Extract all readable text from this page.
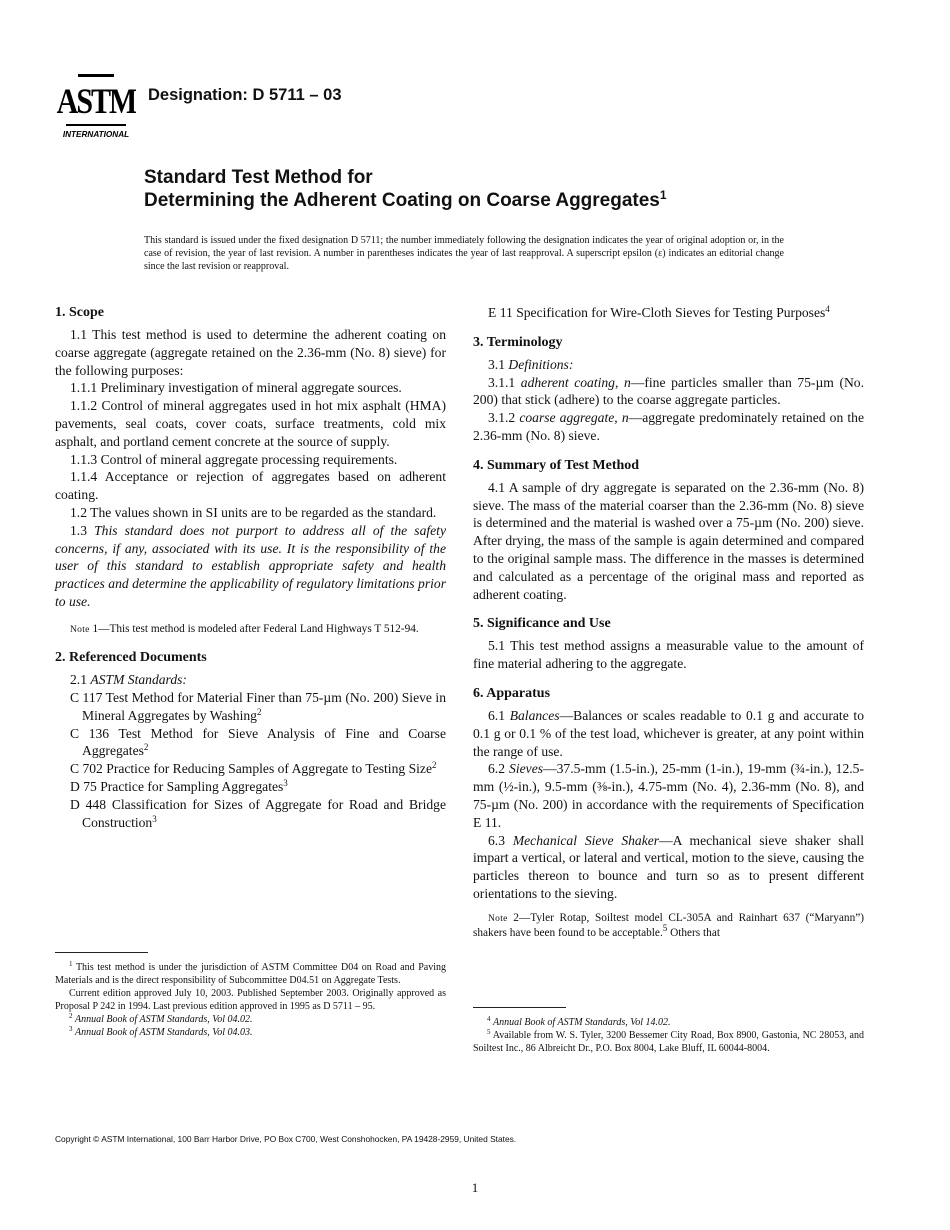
ASTM
INTERNATIONAL

Designation: D 5711 – 03

Standard Test Method for
Determining the Adherent Coating on Coarse Aggregates$^1$

This standard is issued under the fixed designation D 5711; the number immediately following the designation indicates the year of original adoption or, in the case of revision, the year of last revision. A number in parentheses indicates the year of last reapproval. A superscript epsilon (ε) indicates an editorial change since the last revision or reapproval.

1. Scope

1.1 This test method is used to determine the adherent coating on coarse aggregate (aggregate retained on the 2.36-mm (No. 8) sieve) for the following purposes:

1.1.1 Preliminary investigation of mineral aggregate sources.

1.1.2 Control of mineral aggregates used in hot mix asphalt (HMA) pavements, seal coats, cover coats, surface treatments, cold mix asphalt, and portland cement concrete at the source of supply.

1.1.3 Control of mineral aggregate processing requirements.

1.1.4 Acceptance or rejection of aggregates based on adherent coating.

1.2 The values shown in SI units are to be regarded as the standard.

1.3 This standard does not purport to address all of the safety concerns, if any, associated with its use. It is the responsibility of the user of this standard to establish appropriate safety and health practices and determine the applicability of regulatory limitations prior to use.

Note 1—This test method is modeled after Federal Land Highways T 512-94.

2. Referenced Documents

2.1 ASTM Standards:

C 117 Test Method for Material Finer than 75-µm (No. 200) Sieve in Mineral Aggregates by Washing$^2$

C 136 Test Method for Sieve Analysis of Fine and Coarse Aggregates$^2$

C 702 Practice for Reducing Samples of Aggregate to Testing Size$^2$

D 75 Practice for Sampling Aggregates$^3$

D 448 Classification for Sizes of Aggregate for Road and Bridge Construction$^3$

$^1$ This test method is under the jurisdiction of ASTM Committee D04 on Road and Paving Materials and is the direct responsibility of Subcommittee D04.51 on Aggregate Tests.

Current edition approved July 10, 2003. Published September 2003. Originally approved as Proposal P 242 in 1994. Last previous edition approved in 1995 as D 5711 – 95.

$^2$ Annual Book of ASTM Standards, Vol 04.02.

$^3$ Annual Book of ASTM Standards, Vol 04.03.

E 11 Specification for Wire-Cloth Sieves for Testing Purposes$^4$

3. Terminology

3.1 Definitions:

3.1.1 adherent coating, n—fine particles smaller than 75-µm (No. 200) that stick (adhere) to the coarse aggregate particles.

3.1.2 coarse aggregate, n—aggregate predominately retained on the 2.36-mm (No. 8) sieve.

4. Summary of Test Method

4.1 A sample of dry aggregate is separated on the 2.36-mm (No. 8) sieve. The mass of the material coarser than the 2.36-mm (No. 8) sieve is determined and the material is washed over a 75-µm (No. 200) sieve. After drying, the mass of the sample is again determined and compared to the original sample mass. The difference in the masses is determined and calculated as a percentage of the original mass and reported as adherent coating.

5. Significance and Use

5.1 This test method assigns a measurable value to the amount of fine material adhering to the aggregate.

6. Apparatus

6.1 Balances—Balances or scales readable to 0.1 g and accurate to 0.1 g or 0.1 % of the test load, whichever is greater, at any point within the range of use.

6.2 Sieves—37.5-mm (1.5-in.), 25-mm (1-in.), 19-mm (¾-in.), 12.5-mm (½-in.), 9.5-mm (⅜-in.), 4.75-mm (No. 4), 2.36-mm (No. 8), and 75-µm (No. 200) in accordance with the requirements of Specification E 11.

6.3 Mechanical Sieve Shaker—A mechanical sieve shaker shall impart a vertical, or lateral and vertical, motion to the sieve, causing the particles thereon to bounce and turn so as to present different orientations to the sieving.

Note 2—Tyler Rotap, Soiltest model CL-305A and Rainhart 637 (“Maryann”) shakers have been found to be acceptable.$^5$ Others that

$^4$ Annual Book of ASTM Standards, Vol 14.02.

$^5$ Available from W. S. Tyler, 3200 Bessemer City Road, Box 8900, Gastonia, NC 28053, and Soiltest Inc., 86 Albreicht Dr., P.O. Box 8004, Lake Bluff, IL 60044-8004.

Copyright © ASTM International, 100 Barr Harbor Drive, PO Box C700, West Conshohocken, PA 19428-2959, United States.

1
